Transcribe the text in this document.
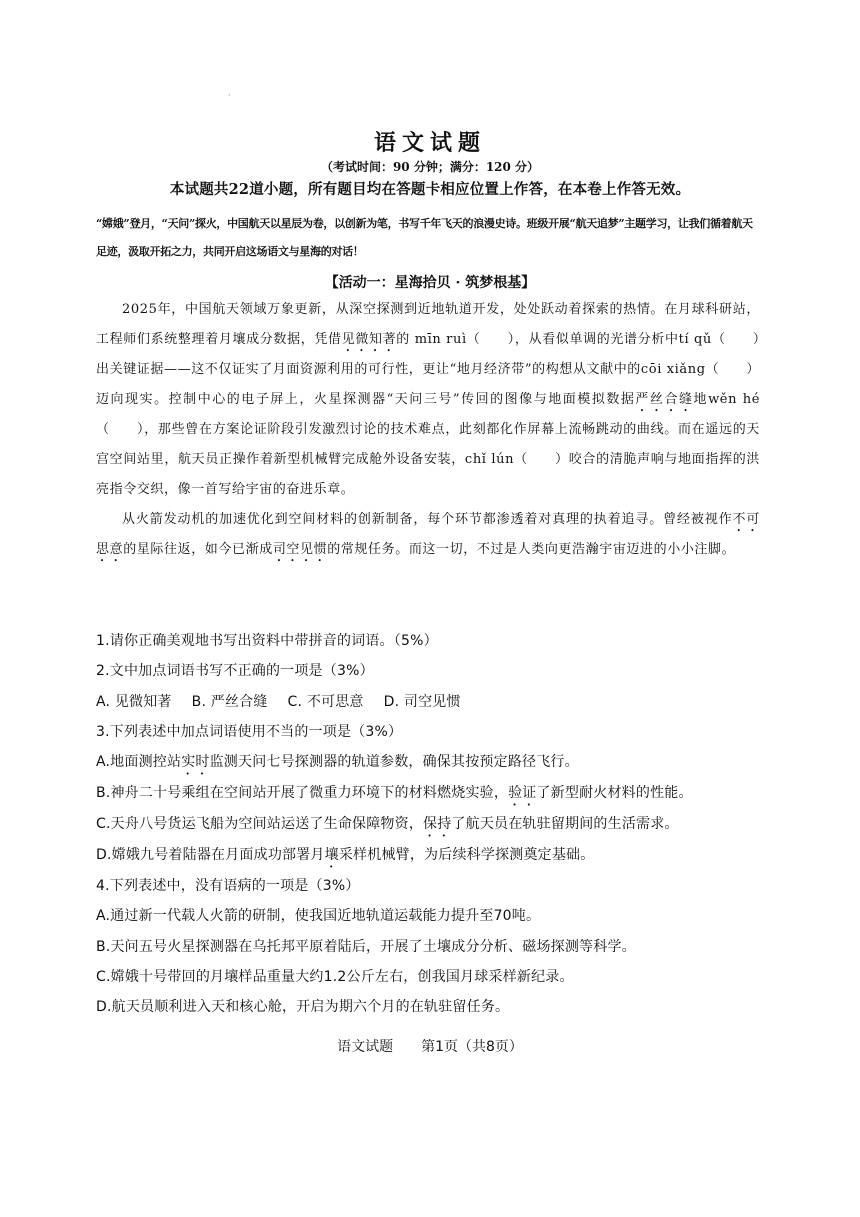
·
语文试题
（考试时间：90 分钟；满分：120 分）
本试题共22道小题，所有题目均在答题卡相应位置上作答，在本卷上作答无效。
“嫦娥”登月，“天问”探火，中国航天以星辰为卷，以创新为笔，书写千年飞天的浪漫史诗。班级开展“航天追梦”主题学习，让我们循着航天足迹，汲取开拓之力，共同开启这场语文与星海的对话！
【活动一：星海拾贝 · 筑梦根基】

2025年，中国航天领域万象更新，从深空探测到近地轨道开发，处处跃动着探索的热情。在月球科研站，工程师们系统整理着月壤成分数据，凭借见微知著的 mīn ruì（　　），从看似单调的光谱分析中tí qǔ（　　）出关键证据——这不仅证实了月面资源利用的可行性，更让“地月经济带”的构想从文献中的cōi xiǎng（　　）迈向现实。控制中心的电子屏上，火星探测器“天问三号”传回的图像与地面模拟数据严丝合缝地wěn hé（　　），那些曾在方案论证阶段引发激烈讨论的技术难点，此刻都化作屏幕上流畅跳动的曲线。而在遥远的天宫空间站里，航天员正操作着新型机械臂完成舱外设备安装，chǐ lún（　　）咬合的清脆声响与地面指挥的洪亮指令交织，像一首写给宇宙的奋进乐章。

从火箭发动机的加速优化到空间材料的创新制备，每个环节都渗透着对真理的执着追寻。曾经被视作不可思意的星际往返，如今已渐成司空见惯的常规任务。而这一切，不过是人类向更浩瀚宇宙迈进的小小注脚。

1.请你正确美观地书写出资料中带拼音的词语。（5%）
2.文中加点词语书写不正确的一项是（3%）
A. 见微知著 B. 严丝合缝 C. 不可思意 D. 司空见惯
3.下列表述中加点词语使用不当的一项是（3%）
A.地面测控站实时监测天问七号探测器的轨道参数，确保其按预定路径飞行。
B.神舟二十号乘组在空间站开展了微重力环境下的材料燃烧实验，验证了新型耐火材料的性能。
C.天舟八号货运飞船为空间站运送了生命保障物资，保持了航天员在轨驻留期间的生活需求。
D.嫦娥九号着陆器在月面成功部署月壤采样机械臂，为后续科学探测奠定基础。
4.下列表述中，没有语病的一项是（3%）
A.通过新一代载人火箭的研制，使我国近地轨道运载能力提升至70吨。
B.天问五号火星探测器在乌托邦平原着陆后，开展了土壤成分分析、磁场探测等科学。
C.嫦娥十号带回的月壤样品重量大约1.2公斤左右，创我国月球采样新纪录。
D.航天员顺利进入天和核心舱，开启为期六个月的在轨驻留任务。
语文试题 第1页（共8页）
